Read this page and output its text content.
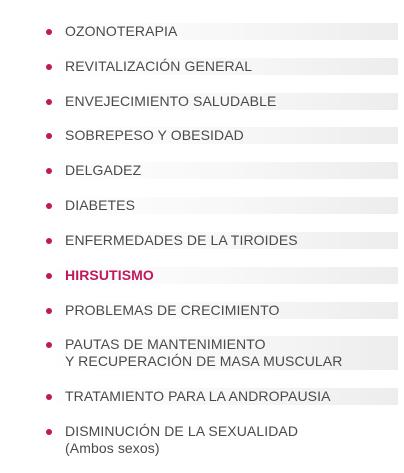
OZONOTERAPIA
REVITALIZACIÓN GENERAL
ENVEJECIMIENTO SALUDABLE
SOBREPESO Y OBESIDAD
DELGADEZ
DIABETES
ENFERMEDADES DE LA TIROIDES
HIRSUTISMO
PROBLEMAS DE CRECIMIENTO
PAUTAS DE MANTENIMIENTO
Y RECUPERACIÓN DE MASA MUSCULAR
TRATAMIENTO PARA LA ANDROPAUSIA
DISMINUCIÓN DE LA SEXUALIDAD
(Ambos sexos)
